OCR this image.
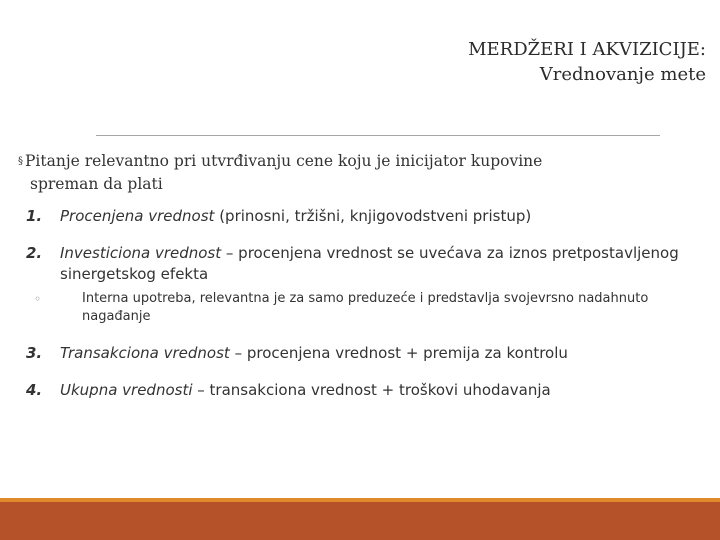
MERDŽERI I AKVIZICIJE:
Vrednovanje mete
§ Pitanje relevantno pri utvrđivanju cene koju je inicijator kupovine
spreman da plati
1. Procenjena vrednost (prinosni, tržišni, knjigovodstveni pristup)
2. Investiciona vrednost – procenjena vrednost se uvećava za iznos pretpostavljenog sinergetskog efekta
◦	Interna upotreba, relevantna je za samo preduzeće i predstavlja svojevrsno nadahnuto nagađanje
3. Transakciona vrednost – procenjena vrednost + premija za kontrolu
4. Ukupna vrednosti – transakciona vrednost + troškovi uhodavanja
